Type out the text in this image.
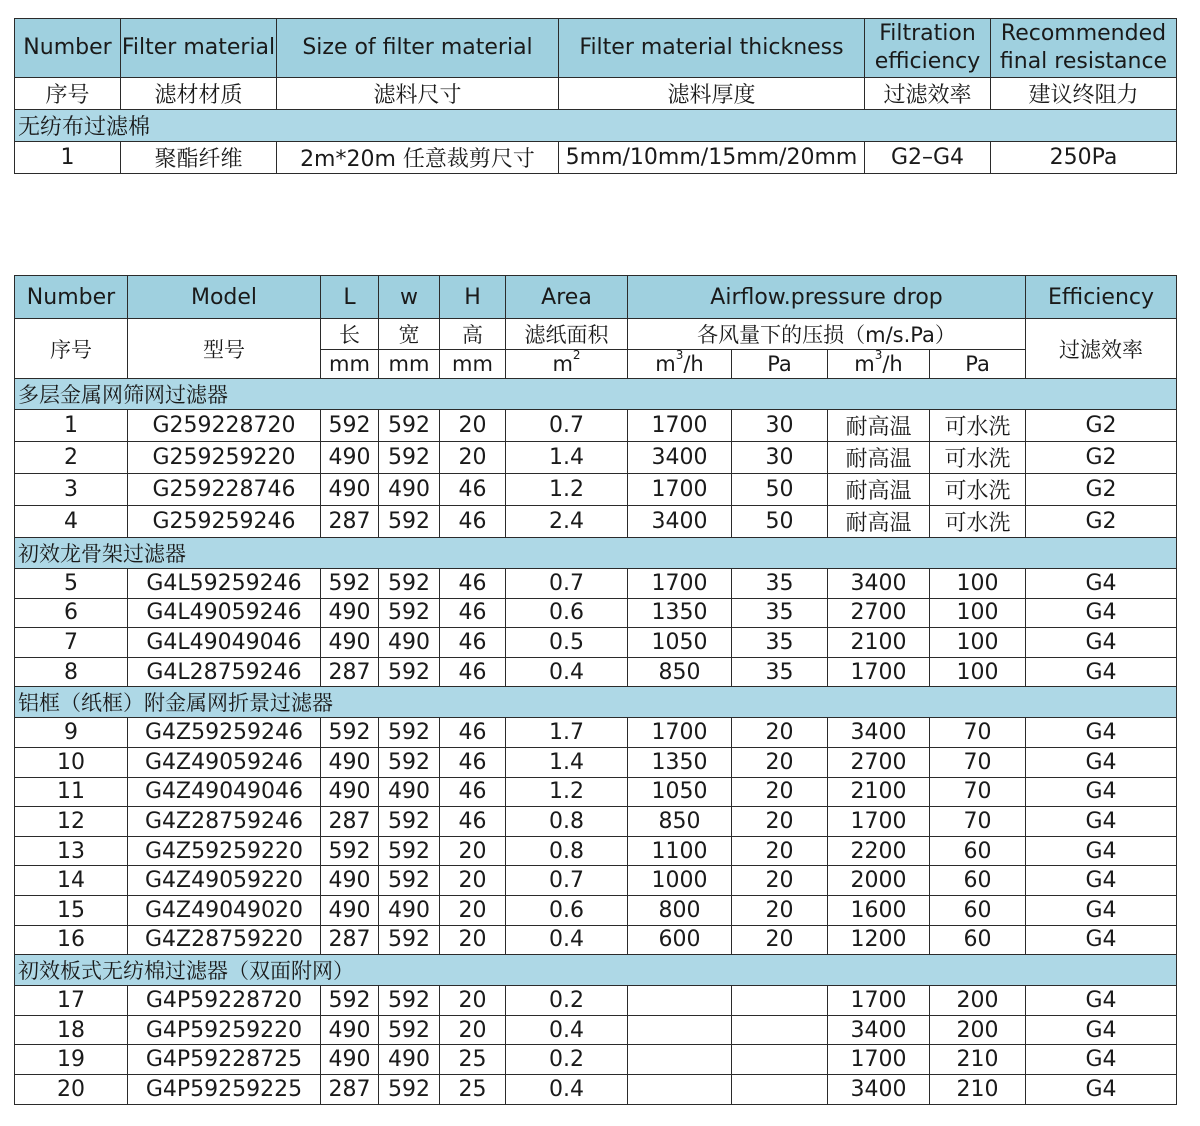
Number	Filter material	Size of filter material	Filter material thickness	Filtration efficiency	Recommended final resistance
序号	滤材材质	滤料尺寸	滤料厚度	过滤效率	建议终阻力
无纺布过滤棉					
1	聚酯纤维	2m*20m 任意裁剪尺寸	5mm/10mm/15mm/20mm	G2–G4	250Pa
Number	Model	L	w	H	Area	Airflow.pressure drop				Efficiency
序号	型号	长	宽	高	滤纸面积	各风量下的压损（m/s.Pa）				过滤效率
		mm	mm	mm	$m^2$	$m^3/h$	Pa	$m^3/h$	Pa	
多层金属网筛网过滤器										
1	G259228720	592	592	20	0.7	1700	30	耐高温	可水洗	G2
2	G259259220	490	592	20	1.4	3400	30	耐高温	可水洗	G2
3	G259228746	490	490	46	1.2	1700	50	耐高温	可水洗	G2
4	G259259246	287	592	46	2.4	3400	50	耐高温	可水洗	G2
初效龙骨架过滤器										
5	G4L59259246	592	592	46	0.7	1700	35	3400	100	G4
6	G4L49059246	490	592	46	0.6	1350	35	2700	100	G4
7	G4L49049046	490	490	46	0.5	1050	35	2100	100	G4
8	G4L28759246	287	592	46	0.4	850	35	1700	100	G4
铝框（纸框）附金属网折景过滤器										
9	G4Z59259246	592	592	46	1.7	1700	20	3400	70	G4
10	G4Z49059246	490	592	46	1.4	1350	20	2700	70	G4
11	G4Z49049046	490	490	46	1.2	1050	20	2100	70	G4
12	G4Z28759246	287	592	46	0.8	850	20	1700	70	G4
13	G4Z59259220	592	592	20	0.8	1100	20	2200	60	G4
14	G4Z49059220	490	592	20	0.7	1000	20	2000	60	G4
15	G4Z49049020	490	490	20	0.6	800	20	1600	60	G4
16	G4Z28759220	287	592	20	0.4	600	20	1200	60	G4
初效板式无纺棉过滤器（双面附网）										
17	G4P59228720	592	592	20	0.2			1700	200	G4
18	G4P59259220	490	592	20	0.4			3400	200	G4
19	G4P59228725	490	490	25	0.2			1700	210	G4
20	G4P59259225	287	592	25	0.4			3400	210	G4
